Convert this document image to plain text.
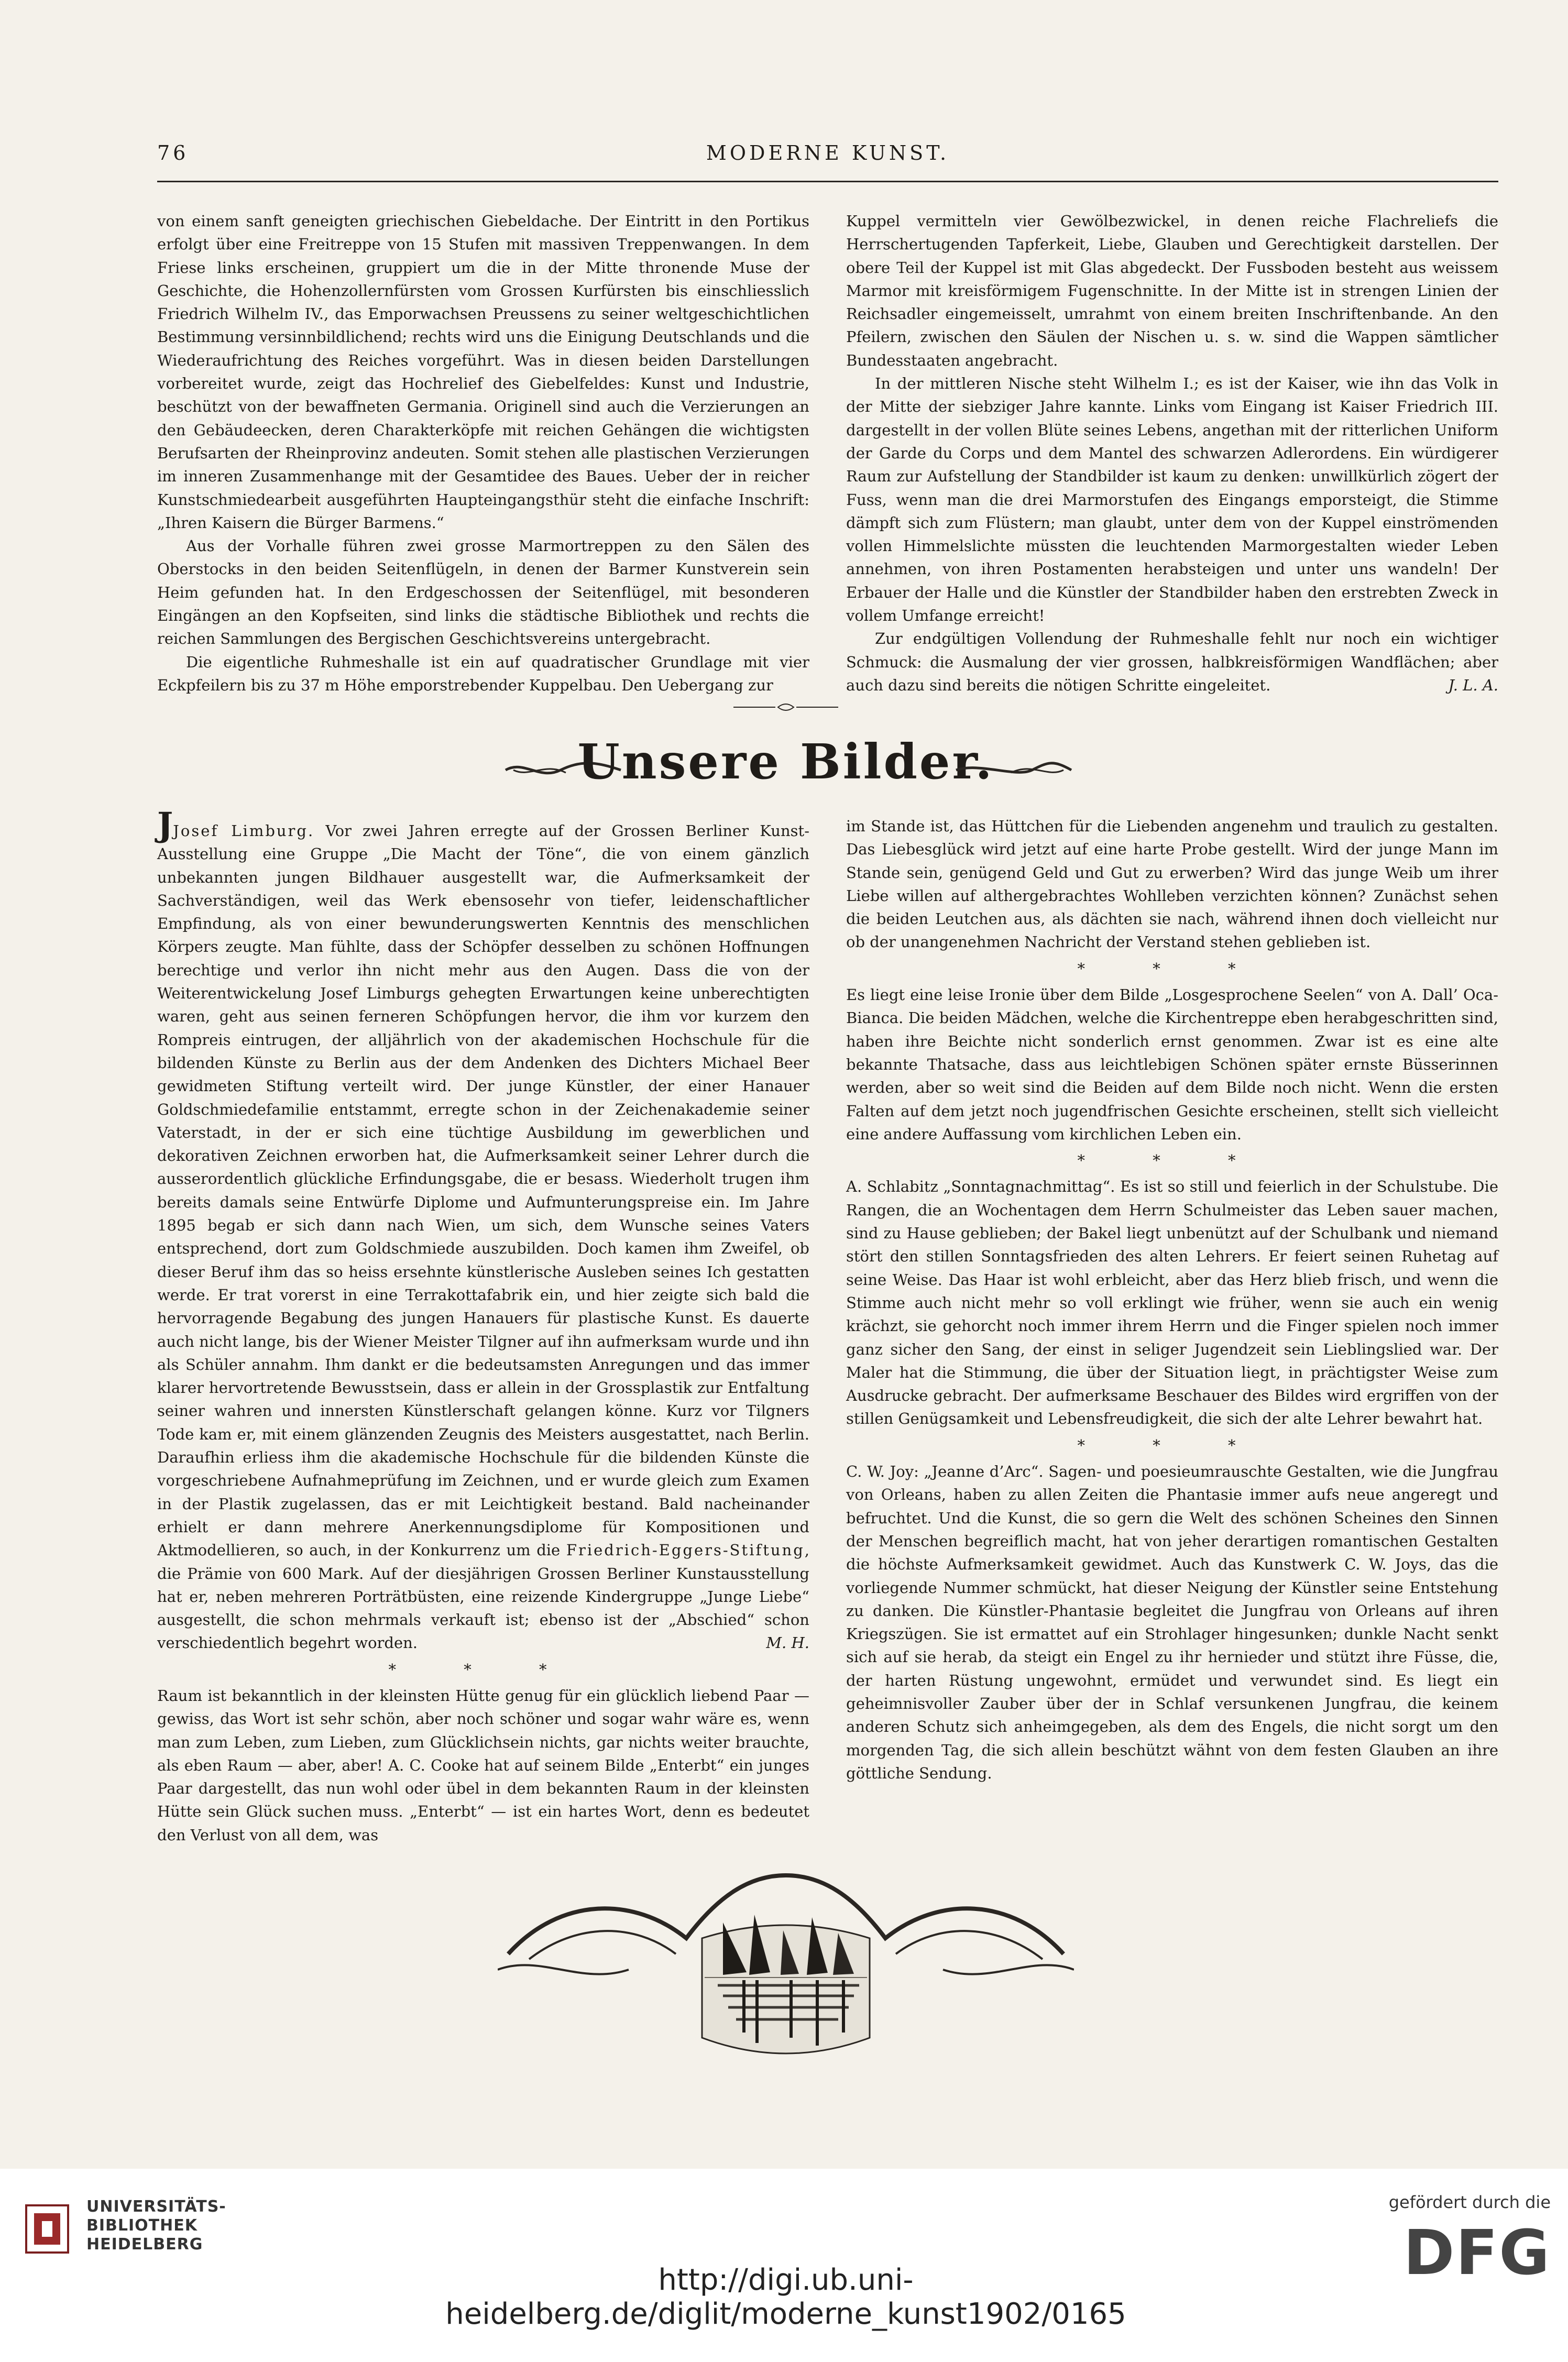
76	MODERNE KUNST.

von einem sanft geneigten griechischen Giebeldache. Der Eintritt in den Portikus erfolgt über eine Freitreppe von 15 Stufen mit massiven Treppenwangen. In dem Friese links erscheinen, gruppiert um die in der Mitte thronende Muse der Geschichte, die Hohenzollernfürsten vom Grossen Kurfürsten bis einschliesslich Friedrich Wilhelm IV., das Emporwachsen Preussens zu seiner weltgeschichtlichen Bestimmung versinnbildlichend; rechts wird uns die Einigung Deutschlands und die Wiederaufrichtung des Reiches vorgeführt. Was in diesen beiden Darstellungen vorbereitet wurde, zeigt das Hochrelief des Giebelfeldes: Kunst und Industrie, beschützt von der bewaffneten Germania. Originell sind auch die Verzierungen an den Gebäudeecken, deren Charakterköpfe mit reichen Gehängen die wichtigsten Berufsarten der Rheinprovinz andeuten. Somit stehen alle plastischen Verzierungen im inneren Zusammenhange mit der Gesamtidee des Baues. Ueber der in reicher Kunstschmiedearbeit ausgeführten Haupteingangsthür steht die einfache Inschrift: „Ihren Kaisern die Bürger Barmens.“

Aus der Vorhalle führen zwei grosse Marmortreppen zu den Sälen des Oberstocks in den beiden Seitenflügeln, in denen der Barmer Kunstverein sein Heim gefunden hat. In den Erdgeschossen der Seitenflügel, mit besonderen Eingängen an den Kopfseiten, sind links die städtische Bibliothek und rechts die reichen Sammlungen des Bergischen Geschichtsvereins untergebracht.

Die eigentliche Ruhmeshalle ist ein auf quadratischer Grundlage mit vier Eckpfeilern bis zu 37 m Höhe emporstrebender Kuppelbau. Den Uebergang zur

Kuppel vermitteln vier Gewölbezwickel, in denen reiche Flachreliefs die Herrschertugenden Tapferkeit, Liebe, Glauben und Gerechtigkeit darstellen. Der obere Teil der Kuppel ist mit Glas abgedeckt. Der Fussboden besteht aus weissem Marmor mit kreisförmigem Fugenschnitte. In der Mitte ist in strengen Linien der Reichsadler eingemeisselt, umrahmt von einem breiten Inschriftenbande. An den Pfeilern, zwischen den Säulen der Nischen u. s. w. sind die Wappen sämtlicher Bundesstaaten angebracht.

In der mittleren Nische steht Wilhelm I.; es ist der Kaiser, wie ihn das Volk in der Mitte der siebziger Jahre kannte. Links vom Eingang ist Kaiser Friedrich III. dargestellt in der vollen Blüte seines Lebens, angethan mit der ritterlichen Uniform der Garde du Corps und dem Mantel des schwarzen Adlerordens. Ein würdigerer Raum zur Aufstellung der Standbilder ist kaum zu denken: unwillkürlich zögert der Fuss, wenn man die drei Marmorstufen des Eingangs emporsteigt, die Stimme dämpft sich zum Flüstern; man glaubt, unter dem von der Kuppel einströmenden vollen Himmelslichte müssten die leuchtenden Marmorgestalten wieder Leben annehmen, von ihren Postamenten herabsteigen und unter uns wandeln! Der Erbauer der Halle und die Künstler der Standbilder haben den erstrebten Zweck in vollem Umfange erreicht!

Zur endgültigen Vollendung der Ruhmeshalle fehlt nur noch ein wichtiger Schmuck: die Ausmalung der vier grossen, halbkreisförmigen Wandflächen; aber auch dazu sind bereits die nötigen Schritte eingeleitet.	J. L. A.

Unsere Bilder.

JJosef Limburg. Vor zwei Jahren erregte auf der Grossen Berliner Kunst-Ausstellung eine Gruppe „Die Macht der Töne“, die von einem gänzlich unbekannten jungen Bildhauer ausgestellt war, die Aufmerksamkeit der Sachverständigen, weil das Werk ebensosehr von tiefer, leidenschaftlicher Empfindung, als von einer bewunderungswerten Kenntnis des menschlichen Körpers zeugte. Man fühlte, dass der Schöpfer desselben zu schönen Hoffnungen berechtige und verlor ihn nicht mehr aus den Augen. Dass die von der Weiterentwickelung Josef Limburgs gehegten Erwartungen keine unberechtigten waren, geht aus seinen ferneren Schöpfungen hervor, die ihm vor kurzem den Rompreis eintrugen, der alljährlich von der akademischen Hochschule für die bildenden Künste zu Berlin aus der dem Andenken des Dichters Michael Beer gewidmeten Stiftung verteilt wird. Der junge Künstler, der einer Hanauer Goldschmiedefamilie entstammt, erregte schon in der Zeichenakademie seiner Vaterstadt, in der er sich eine tüchtige Ausbildung im gewerblichen und dekorativen Zeichnen erworben hat, die Aufmerksamkeit seiner Lehrer durch die ausserordentlich glückliche Erfindungsgabe, die er besass. Wiederholt trugen ihm bereits damals seine Entwürfe Diplome und Aufmunterungspreise ein. Im Jahre 1895 begab er sich dann nach Wien, um sich, dem Wunsche seines Vaters entsprechend, dort zum Goldschmiede auszubilden. Doch kamen ihm Zweifel, ob dieser Beruf ihm das so heiss ersehnte künstlerische Ausleben seines Ich gestatten werde. Er trat vorerst in eine Terrakottafabrik ein, und hier zeigte sich bald die hervorragende Begabung des jungen Hanauers für plastische Kunst. Es dauerte auch nicht lange, bis der Wiener Meister Tilgner auf ihn aufmerksam wurde und ihn als Schüler annahm. Ihm dankt er die bedeutsamsten Anregungen und das immer klarer hervortretende Bewusstsein, dass er allein in der Grossplastik zur Entfaltung seiner wahren und innersten Künstlerschaft gelangen könne. Kurz vor Tilgners Tode kam er, mit einem glänzenden Zeugnis des Meisters ausgestattet, nach Berlin. Daraufhin erliess ihm die akademische Hochschule für die bildenden Künste die vorgeschriebene Aufnahmeprüfung im Zeichnen, und er wurde gleich zum Examen in der Plastik zugelassen, das er mit Leichtigkeit bestand. Bald nacheinander erhielt er dann mehrere Anerkennungsdiplome für Kompositionen und Aktmodellieren, so auch, in der Konkurrenz um die Friedrich-Eggers-Stiftung, die Prämie von 600 Mark. Auf der diesjährigen Grossen Berliner Kunstausstellung hat er, neben mehreren Porträtbüsten, eine reizende Kindergruppe „Junge Liebe“ ausgestellt, die schon mehrmals verkauft ist; ebenso ist der „Abschied“ schon verschiedentlich begehrt worden.	M. H.

* * *

Raum ist bekanntlich in der kleinsten Hütte genug für ein glücklich liebend Paar — gewiss, das Wort ist sehr schön, aber noch schöner und sogar wahr wäre es, wenn man zum Leben, zum Lieben, zum Glücklichsein nichts, gar nichts weiter brauchte, als eben Raum — aber, aber! A. C. Cooke hat auf seinem Bilde „Enterbt“ ein junges Paar dargestellt, das nun wohl oder übel in dem bekannten Raum in der kleinsten Hütte sein Glück suchen muss. „Enterbt“ — ist ein hartes Wort, denn es bedeutet den Verlust von all dem, was

im Stande ist, das Hüttchen für die Liebenden angenehm und traulich zu gestalten. Das Liebesglück wird jetzt auf eine harte Probe gestellt. Wird der junge Mann im Stande sein, genügend Geld und Gut zu erwerben? Wird das junge Weib um ihrer Liebe willen auf althergebrachtes Wohlleben verzichten können? Zunächst sehen die beiden Leutchen aus, als dächten sie nach, während ihnen doch vielleicht nur ob der unangenehmen Nachricht der Verstand stehen geblieben ist.

* * *

Es liegt eine leise Ironie über dem Bilde „Losgesprochene Seelen“ von A. Dall’ Oca-Bianca. Die beiden Mädchen, welche die Kirchentreppe eben herabgeschritten sind, haben ihre Beichte nicht sonderlich ernst genommen. Zwar ist es eine alte bekannte Thatsache, dass aus leichtlebigen Schönen später ernste Büsserinnen werden, aber so weit sind die Beiden auf dem Bilde noch nicht. Wenn die ersten Falten auf dem jetzt noch jugendfrischen Gesichte erscheinen, stellt sich vielleicht eine andere Auffassung vom kirchlichen Leben ein.

* * *

A. Schlabitz „Sonntagnachmittag“. Es ist so still und feierlich in der Schulstube. Die Rangen, die an Wochentagen dem Herrn Schulmeister das Leben sauer machen, sind zu Hause geblieben; der Bakel liegt unbenützt auf der Schulbank und niemand stört den stillen Sonntagsfrieden des alten Lehrers. Er feiert seinen Ruhetag auf seine Weise. Das Haar ist wohl erbleicht, aber das Herz blieb frisch, und wenn die Stimme auch nicht mehr so voll erklingt wie früher, wenn sie auch ein wenig krächzt, sie gehorcht noch immer ihrem Herrn und die Finger spielen noch immer ganz sicher den Sang, der einst in seliger Jugendzeit sein Lieblingslied war. Der Maler hat die Stimmung, die über der Situation liegt, in prächtigster Weise zum Ausdrucke gebracht. Der aufmerksame Beschauer des Bildes wird ergriffen von der stillen Genügsamkeit und Lebensfreudigkeit, die sich der alte Lehrer bewahrt hat.

* * *

C. W. Joy: „Jeanne d’Arc“. Sagen- und poesieumrauschte Gestalten, wie die Jungfrau von Orleans, haben zu allen Zeiten die Phantasie immer aufs neue angeregt und befruchtet. Und die Kunst, die so gern die Welt des schönen Scheines den Sinnen der Menschen begreiflich macht, hat von jeher derartigen romantischen Gestalten die höchste Aufmerksamkeit gewidmet. Auch das Kunstwerk C. W. Joys, das die vorliegende Nummer schmückt, hat dieser Neigung der Künstler seine Entstehung zu danken. Die Künstler-Phantasie begleitet die Jungfrau von Orleans auf ihren Kriegszügen. Sie ist ermattet auf ein Strohlager hingesunken; dunkle Nacht senkt sich auf sie herab, da steigt ein Engel zu ihr hernieder und stützt ihre Füsse, die, der harten Rüstung ungewohnt, ermüdet und verwundet sind. Es liegt ein geheimnisvoller Zauber über der in Schlaf versunkenen Jungfrau, die keinem anderen Schutz sich anheimgegeben, als dem des Engels, die nicht sorgt um den morgenden Tag, die sich allein beschützt wähnt von dem festen Glauben an ihre göttliche Sendung.

UNIVERSITÄTS-
BIBLIOTHEK
HEIDELBERG
http://digi.ub.uni-heidelberg.de/diglit/moderne_kunst1902/0165
gefördert durch die
DFG
